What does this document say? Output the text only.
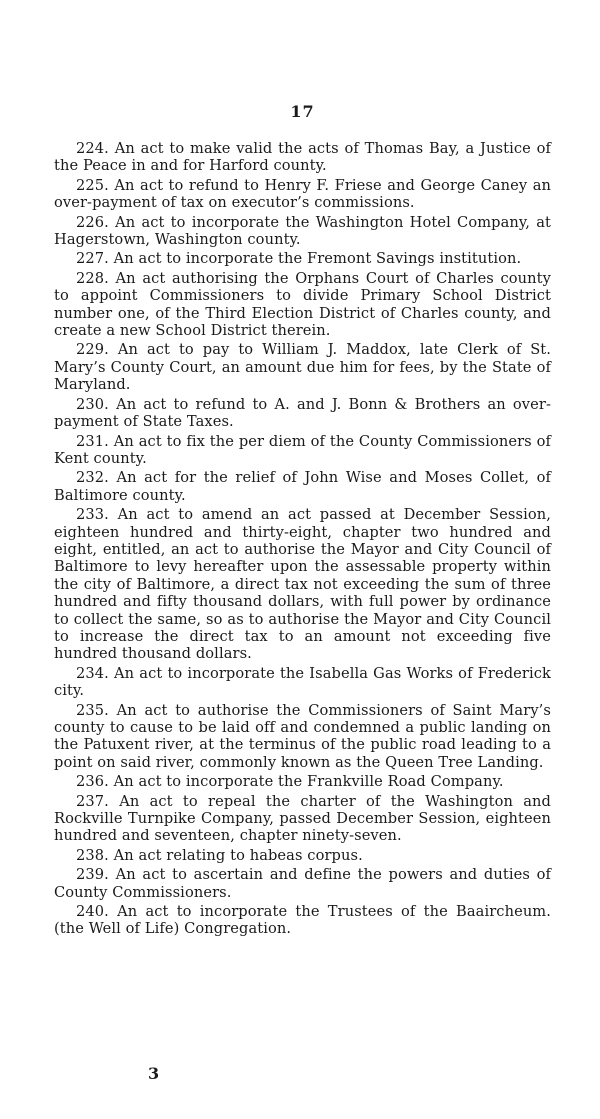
17
224. An act to make valid the acts of Thomas Bay, a Justice of the Peace in and for Harford county.
225. An act to refund to Henry F. Friese and George Caney an over-payment of tax on executor’s commissions.
226. An act to incorporate the Washington Hotel Company, at Hagerstown, Washington county.
227. An act to incorporate the Fremont Savings institution.
228. An act authorising the Orphans Court of Charles county to appoint Commissioners to divide Primary School District number one, of the Third Election District of Charles county, and create a new School District therein.
229. An act to pay to William J. Maddox, late Clerk of St. Mary’s County Court, an amount due him for fees, by the State of Maryland.
230. An act to refund to A. and J. Bonn & Brothers an over-payment of State Taxes.
231. An act to fix the per diem of the County Commissioners of Kent county.
232. An act for the relief of John Wise and Moses Collet, of Baltimore county.
233. An act to amend an act passed at December Session, eighteen hundred and thirty-eight, chapter two hundred and eight, entitled, an act to authorise the Mayor and City Council of Baltimore to levy hereafter upon the assessable property within the city of Baltimore, a direct tax not exceeding the sum of three hundred and fifty thousand dollars, with full power by ordinance to collect the same, so as to authorise the Mayor and City Council to increase the direct tax to an amount not exceeding five hundred thousand dollars.
234. An act to incorporate the Isabella Gas Works of Frederick city.
235. An act to authorise the Commissioners of Saint Mary’s county to cause to be laid off and condemned a public landing on the Patuxent river, at the terminus of the public road leading to a point on said river, commonly known as the Queen Tree Landing.
236. An act to incorporate the Frankville Road Company.
237. An act to repeal the charter of the Washington and Rockville Turnpike Company, passed December Session, eighteen hundred and seventeen, chapter ninety-seven.
238. An act relating to habeas corpus.
239. An act to ascertain and define the powers and duties of County Commissioners.
240. An act to incorporate the Trustees of the Baaircheum. (the Well of Life) Congregation.
3
